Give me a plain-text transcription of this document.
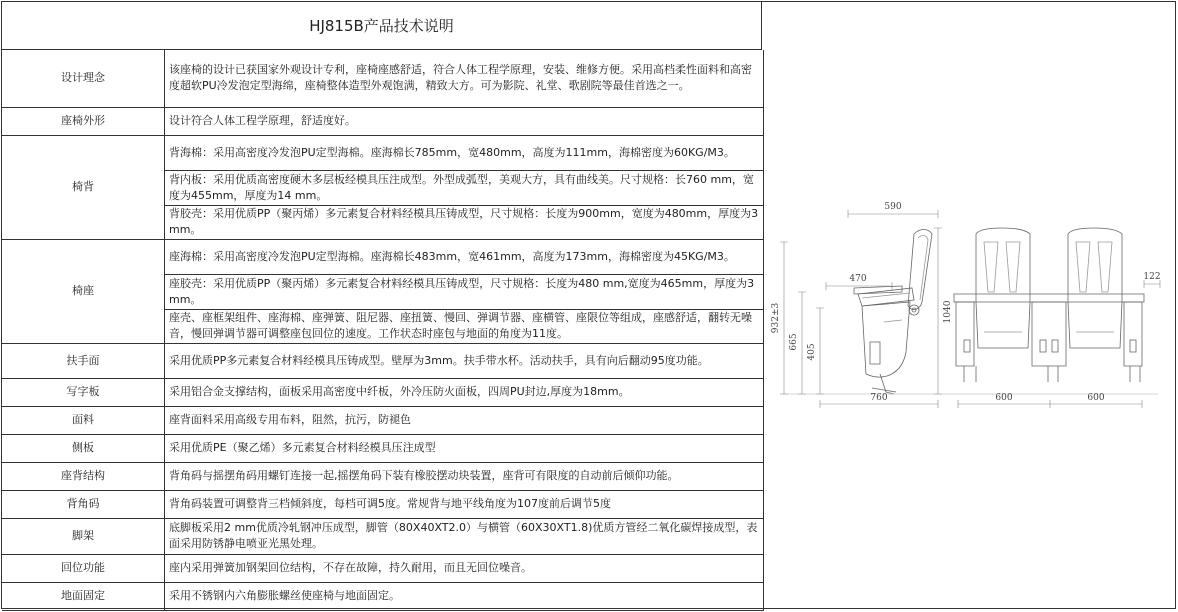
HJ815B产品技术说明
设计理念	该座椅的设计已获国家外观设计专利，座椅座感舒适，符合人体工程学原理，安装、维修方便。采用高档柔性面料和高密度超软PU冷发泡定型海绵，座椅整体造型外观饱满，精致大方。可为影院、礼堂、歌剧院等最佳首选之一。
座椅外形	设计符合人体工程学原理，舒适度好。
椅背	背海棉：采用高密度冷发泡PU定型海棉。座海棉长785mm，宽480mm，高度为111mm，海棉密度为60KG/M3。
	背内板：采用优质高密度硬木多层板经模具压注成型。外型成弧型，美观大方，具有曲线美。尺寸规格：长760 mm，宽度为455mm，厚度为14 mm。
	背胶壳：采用优质PP（聚丙烯）多元素复合材料经模具压铸成型，尺寸规格：长度为900mm，宽度为480mm，厚度为3 mm。
椅座	座海棉：采用高密度冷发泡PU定型海棉。座海棉长483mm，宽461mm，高度为173mm，海棉密度为45KG/M3。
	座胶壳：采用优质PP（聚丙烯）多元素复合材料经模具压铸成型，尺寸规格：长度为480 mm,宽度为465mm，厚度为3 mm。
	座壳、座框架组件、座海棉、座弹簧、阻尼器、座扭簧、慢回、弹调节器、座横管、座限位等组成，座感舒适，翻转无噪音，慢回弹调节器可调整座包回位的速度。工作状态时座包与地面的角度为11度。
扶手面	采用优质PP多元素复合材料经模具压铸成型。壁厚为3mm。扶手带水杯。活动扶手，具有向后翻动95度功能。
写字板	采用铝合金支撑结构，面板采用高密度中纤板，外冷压防火面板，四周PU封边,厚度为18mm。
面料	座背面料采用高级专用布料，阻然，抗污，防褪色
侧板	采用优质PE（聚乙烯）多元素复合材料经模具压注成型
座背结构	背角码与摇摆角码用螺钉连接一起,摇摆角码下装有橡胶摆动块装置，座背可有限度的自动前后倾仰功能。
背角码	背角码装置可调整背三档倾斜度，每档可调5度。常规背与地平线角度为107度前后调节5度
脚架	底脚板采用2 mm优质冷轧钢冲压成型，脚管（80X40XT2.0）与横管（60X30XT1.8)优质方管经二氧化碳焊接成型，表面采用防锈静电喷亚光黑处理。
回位功能	座内采用弹簧加钢架回位结构，不存在故障，持久耐用，而且无回位噪音。
地面固定	采用不锈钢内六角膨胀螺丝使座椅与地面固定。
590
470	122
1040
932±3
665
405
760	600	600
